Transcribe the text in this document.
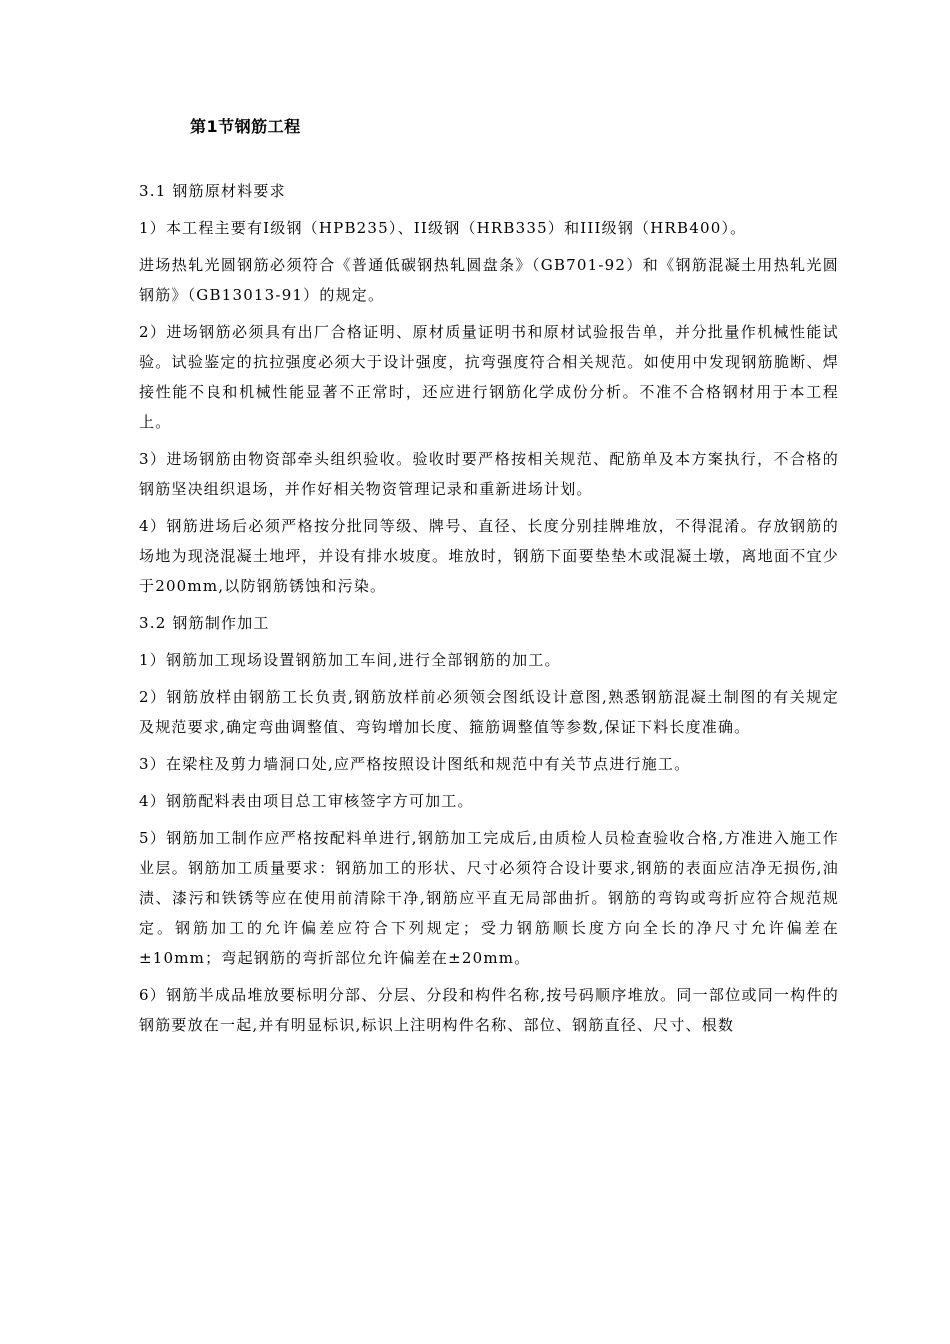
第1节钢筋工程

3.1 钢筋原材料要求

1）本工程主要有I级钢（HPB235）、II级钢（HRB335）和III级钢（HRB400）。

进场热轧光圆钢筋必须符合《普通低碳钢热轧圆盘条》（GB701-92）和《钢筋混凝土用热轧光圆钢筋》（GB13013-91）的规定。

2）进场钢筋必须具有出厂合格证明、原材质量证明书和原材试验报告单，并分批量作机械性能试验。试验鉴定的抗拉强度必须大于设计强度，抗弯强度符合相关规范。如使用中发现钢筋脆断、焊接性能不良和机械性能显著不正常时，还应进行钢筋化学成份分析。不准不合格钢材用于本工程上。

3）进场钢筋由物资部牵头组织验收。验收时要严格按相关规范、配筋单及本方案执行，不合格的钢筋坚决组织退场，并作好相关物资管理记录和重新进场计划。

4）钢筋进场后必须严格按分批同等级、牌号、直径、长度分别挂牌堆放，不得混淆。存放钢筋的场地为现浇混凝土地坪，并设有排水坡度。堆放时，钢筋下面要垫垫木或混凝土墩，离地面不宜少于200mm,以防钢筋锈蚀和污染。

3.2 钢筋制作加工

1）钢筋加工现场设置钢筋加工车间,进行全部钢筋的加工。

2）钢筋放样由钢筋工长负责,钢筋放样前必须领会图纸设计意图,熟悉钢筋混凝土制图的有关规定及规范要求,确定弯曲调整值、弯钩增加长度、箍筋调整值等参数,保证下料长度准确。

3）在梁柱及剪力墙洞口处,应严格按照设计图纸和规范中有关节点进行施工。

4）钢筋配料表由项目总工审核签字方可加工。

5）钢筋加工制作应严格按配料单进行,钢筋加工完成后,由质检人员检查验收合格,方准进入施工作业层。钢筋加工质量要求：钢筋加工的形状、尺寸必须符合设计要求,钢筋的表面应洁净无损伤,油渍、漆污和铁锈等应在使用前清除干净,钢筋应平直无局部曲折。钢筋的弯钩或弯折应符合规范规定。钢筋加工的允许偏差应符合下列规定；受力钢筋顺长度方向全长的净尺寸允许偏差在±10mm；弯起钢筋的弯折部位允许偏差在±20mm。

6）钢筋半成品堆放要标明分部、分层、分段和构件名称,按号码顺序堆放。同一部位或同一构件的钢筋要放在一起,并有明显标识,标识上注明构件名称、部位、钢筋直径、尺寸、根数
